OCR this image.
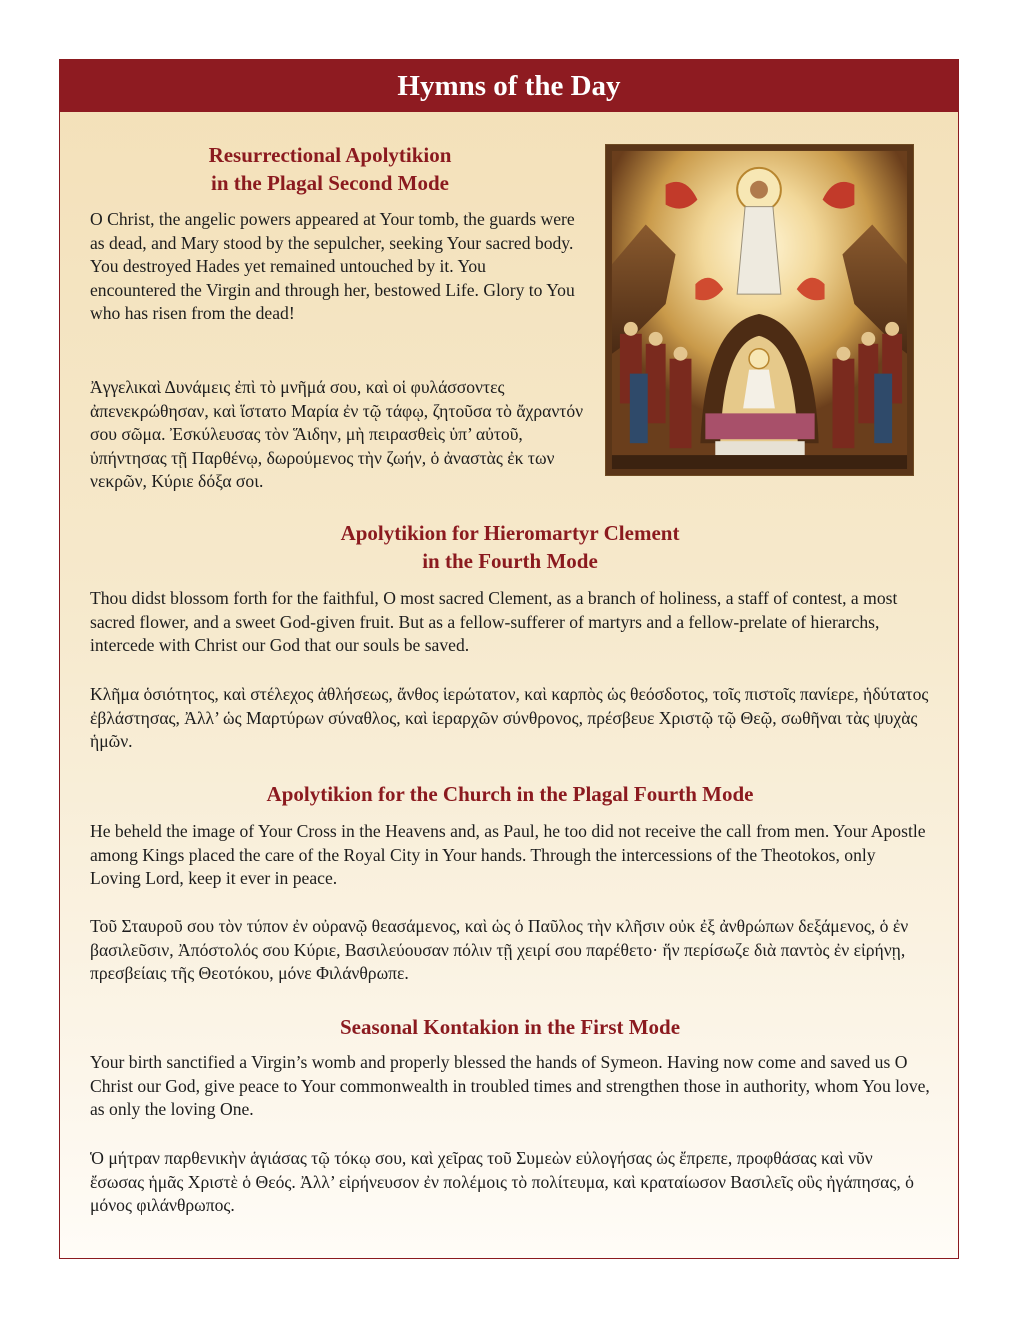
Hymns of the Day
Resurrectional Apolytikion
in the Plagal Second Mode
O Christ, the angelic powers appeared at Your tomb, the guards were as dead, and Mary stood by the sepulcher, seeking Your sacred body. You destroyed Hades yet remained untouched by it. You encountered the Virgin and through her, bestowed Life. Glory to You who has risen from the dead!
Ἀγγελικαὶ Δυνάμεις ἐπὶ τὸ μνῆμά σου, καὶ οἱ φυλάσσοντες ἀπενεκρώθησαν, καὶ ἵστατο Μαρία ἐν τῷ τάφῳ, ζητοῦσα τὸ ἄχραντόν σου σῶμα. Ἐσκύλευσας τὸν Ἅιδην, μὴ πειρασθεὶς ὑπ’ αὐτοῦ, ὑπήντησας τῇ Παρθένῳ, δωρούμενος τὴν ζωήν, ὁ ἀναστὰς ἐκ των νεκρῶν, Κύριε δόξα σοι.
Apolytikion for Hieromartyr Clement
in the Fourth Mode
Thou didst blossom forth for the faithful, O most sacred Clement, as a branch of holiness, a staff of contest, a most sacred flower, and a sweet God-given fruit. But as a fellow-sufferer of martyrs and a fellow-prelate of hierarchs, intercede with Christ our God that our souls be saved.
Κλῆμα ὁσιότητος, καὶ στέλεχος ἀθλήσεως, ἄνθος ἱερώτατον, καὶ καρπὸς ὡς θεόσδοτος, τοῖς πιστοῖς πανίερε, ἡδύτατος ἐβλάστησας, Ἀλλ’ ὡς Μαρτύρων σύναθλος, καὶ ἱεραρχῶν σύνθρονος, πρέσβευε Χριστῷ τῷ Θεῷ, σωθῆναι τὰς ψυχὰς ἡμῶν.
Apolytikion for the Church in the Plagal Fourth Mode
He beheld the image of Your Cross in the Heavens and, as Paul, he too did not receive the call from men. Your Apostle among Kings placed the care of the Royal City in Your hands. Through the intercessions of the Theotokos, only Loving Lord, keep it ever in peace.
Τοῦ Σταυροῦ σου τὸν τύπον ἐν οὐρανῷ θεασάμενος, καὶ ὡς ὁ Παῦλος τὴν κλῆσιν οὐκ ἐξ ἀνθρώπων δεξάμενος, ὁ ἐν βασιλεῦσιν, Ἀπόστολός σου Κύριε, Βασιλεύουσαν πόλιν τῇ χειρί σου παρέθετο· ἥν περίσωζε διὰ παντὸς ἐν εἰρήνῃ, πρεσβείαις τῆς Θεοτόκου, μόνε Φιλάνθρωπε.
Seasonal Kontakion in the First Mode
Your birth sanctified a Virgin’s womb and properly blessed the hands of Symeon. Having now come and saved us O Christ our God, give peace to Your commonwealth in troubled times and strengthen those in authority, whom You love, as only the loving One.
Ὁ μήτραν παρθενικὴν ἁγιάσας τῷ τόκῳ σου, καὶ χεῖρας τοῦ Συμεὼν εὐλογήσας ὡς ἔπρεπε, προφθάσας καὶ νῦν ἔσωσας ἡμᾶς Χριστὲ ὁ Θεός. Ἀλλ’ εἰρήνευσον ἐν πολέμοις τὸ πολίτευμα, καὶ κραταίωσον Βασιλεῖς οὓς ἠγάπησας, ὁ μόνος φιλάνθρωπος.
